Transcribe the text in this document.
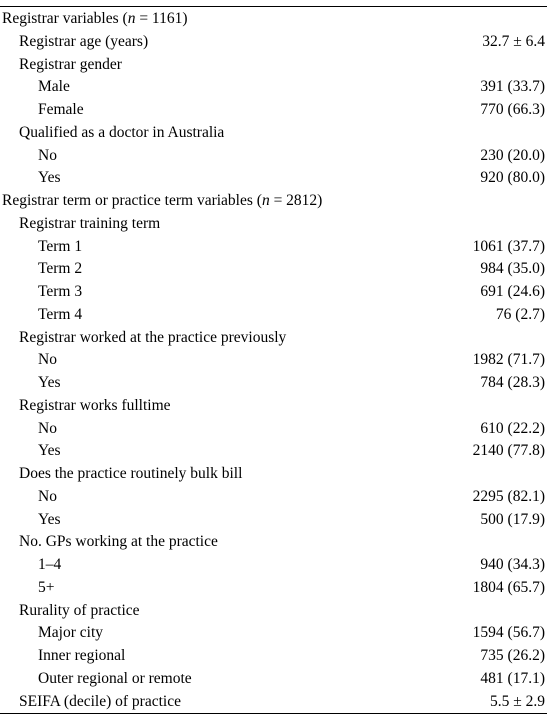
Registrar variables (n = 1161)
Registrar age (years)	32.7 ± 6.4
Registrar gender
Male	391 (33.7)
Female	770 (66.3)
Qualified as a doctor in Australia
No	230 (20.0)
Yes	920 (80.0)
Registrar term or practice term variables (n = 2812)
Registrar training term
Term 1	1061 (37.7)
Term 2	984 (35.0)
Term 3	691 (24.6)
Term 4	76 (2.7)
Registrar worked at the practice previously
No	1982 (71.7)
Yes	784 (28.3)
Registrar works fulltime
No	610 (22.2)
Yes	2140 (77.8)
Does the practice routinely bulk bill
No	2295 (82.1)
Yes	500 (17.9)
No. GPs working at the practice
1–4	940 (34.3)
5+	1804 (65.7)
Rurality of practice
Major city	1594 (56.7)
Inner regional	735 (26.2)
Outer regional or remote	481 (17.1)
SEIFA (decile) of practice	5.5 ± 2.9
